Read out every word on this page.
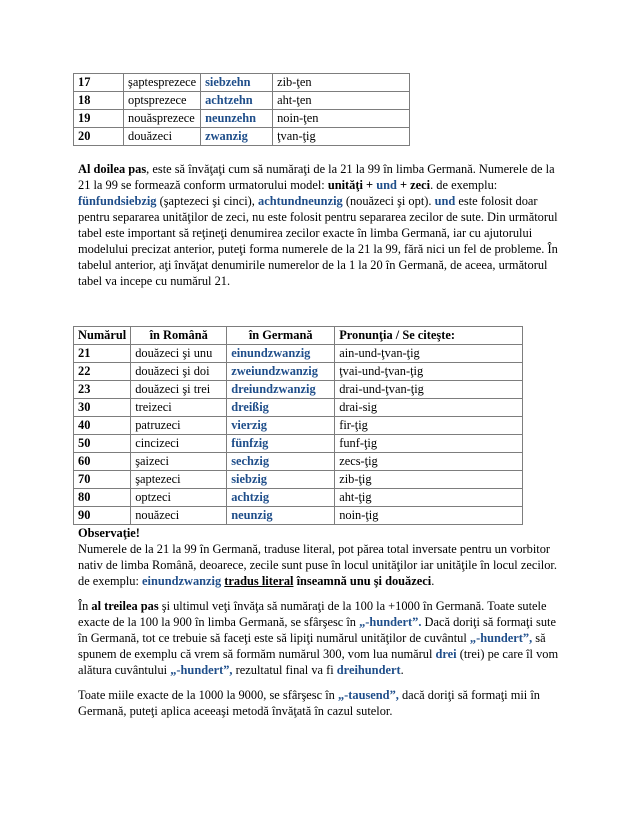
17	şaptesprezece	siebzehn	zib-ţen
18	optsprezece	achtzehn	aht-ţen
19	nouăsprezece	neunzehn	noin-ţen
20	douăzeci	zwanzig	ţvan-ţig

Al doilea pas, este să învăţaţi cum să număraţi de la 21 la 99 în limba Germană. Numerele de la 21 la 99 se formează conform urmatorului model: unităţi + und + zeci. de exemplu: fünfundsiebzig (şaptezeci şi cinci), achtundneunzig (nouăzeci şi opt). und este folosit doar pentru separarea unităţilor de zeci, nu este folosit pentru separarea zecilor de sute. Din următorul tabel este important să reţineţi denumirea zecilor exacte în limba Germană, iar cu ajutorului modelului precizat anterior, puteţi forma numerele de la 21 la 99, fără nici un fel de probleme. În tabelul anterior, aţi învăţat denumirile numerelor de la 1 la 20 în Germană, de aceea, următorul tabel va incepe cu numărul 21.

Numărul	în Română	în Germană	Pronunţia / Se citeşte:
21	douăzeci şi unu	einundzwanzig	ain-und-ţvan-ţig
22	douăzeci şi doi	zweiundzwanzig	ţvai-und-ţvan-ţig
23	douăzeci şi trei	dreiundzwanzig	drai-und-ţvan-ţig
30	treizeci	dreißig	drai-sig
40	patruzeci	vierzig	fir-ţig
50	cincizeci	fünfzig	funf-ţig
60	şaizeci	sechzig	zecs-ţig
70	şaptezeci	siebzig	zib-ţig
80	optzeci	achtzig	aht-ţig
90	nouăzeci	neunzig	noin-ţig

Observaţie!

Numerele de la 21 la 99 în Germană, traduse literal, pot părea total inversate pentru un vorbitor nativ de limba Română, deoarece, zecile sunt puse în locul unităţilor iar unităţile în locul zecilor. de exemplu: einundzwanzig tradus literal înseamnă unu şi douăzeci.

În al treilea pas şi ultimul veţi învăţa să număraţi de la 100 la +1000 în Germană. Toate sutele exacte de la 100 la 900 în limba Germană, se sfârşesc în „-hundert”. Dacă doriţi să formaţi sute în Germană, tot ce trebuie să faceţi este să lipiţi numărul unităţilor de cuvântul „-hundert”, să spunem de exemplu că vrem să formăm numărul 300, vom lua numărul drei (trei) pe care îl vom alătura cuvântului „-hundert”, rezultatul final va fi dreihundert.

Toate miile exacte de la 1000 la 9000, se sfârşesc în „-tausend”, dacă doriţi să formaţi mii în Germană, puteţi aplica aceeaşi metodă învăţată în cazul sutelor.
